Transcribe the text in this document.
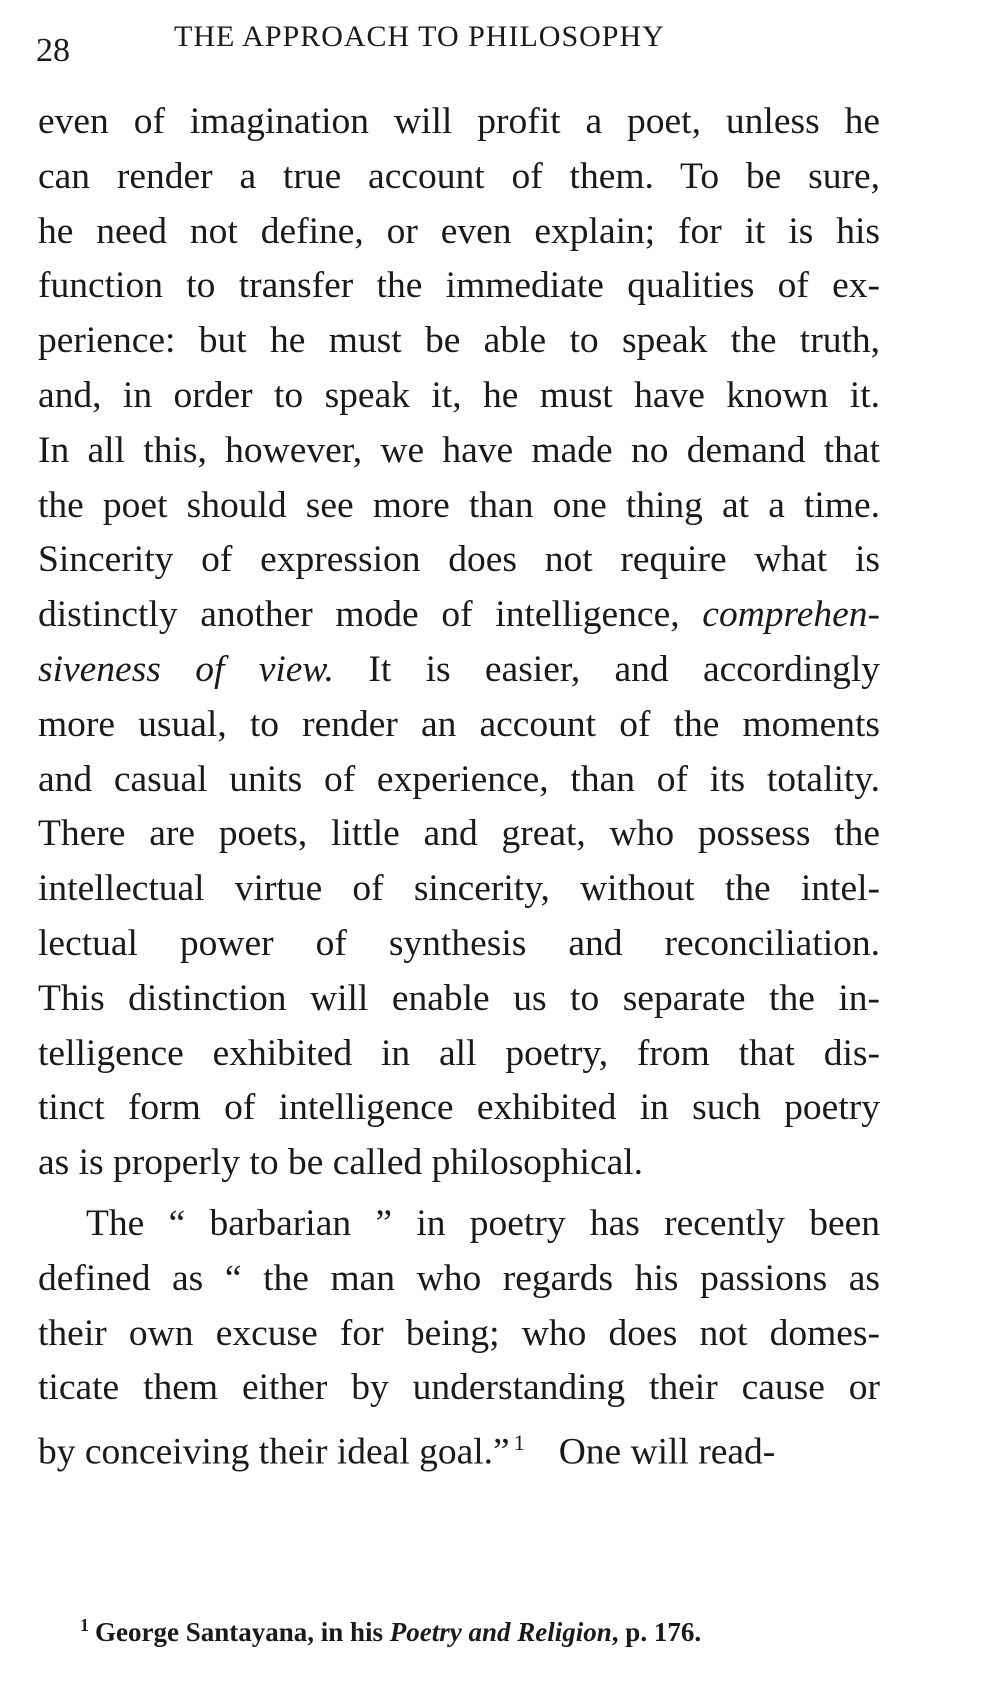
28	THE APPROACH TO PHILOSOPHY
even of imagination will profit a poet, unless he
can render a true account of them. To be sure,
he need not define, or even explain; for it is his
function to transfer the immediate qualities of ex-
perience: but he must be able to speak the truth,
and, in order to speak it, he must have known it.
In all this, however, we have made no demand that
the poet should see more than one thing at a time.
Sincerity of expression does not require what is
distinctly another mode of intelligence, comprehen-
siveness of view. It is easier, and accordingly
more usual, to render an account of the moments
and casual units of experience, than of its totality.
There are poets, little and great, who possess the
intellectual virtue of sincerity, without the intel-
lectual power of synthesis and reconciliation.
This distinction will enable us to separate the in-
telligence exhibited in all poetry, from that dis-
tinct form of intelligence exhibited in such poetry
as is properly to be called philosophical.
The “ barbarian ” in poetry has recently been
defined as “ the man who regards his passions as
their own excuse for being; who does not domes-
ticate them either by understanding their cause or
by conceiving their ideal goal.” $^1$ One will read-
$^1$ George Santayana, in his Poetry and Religion, p. 176.
